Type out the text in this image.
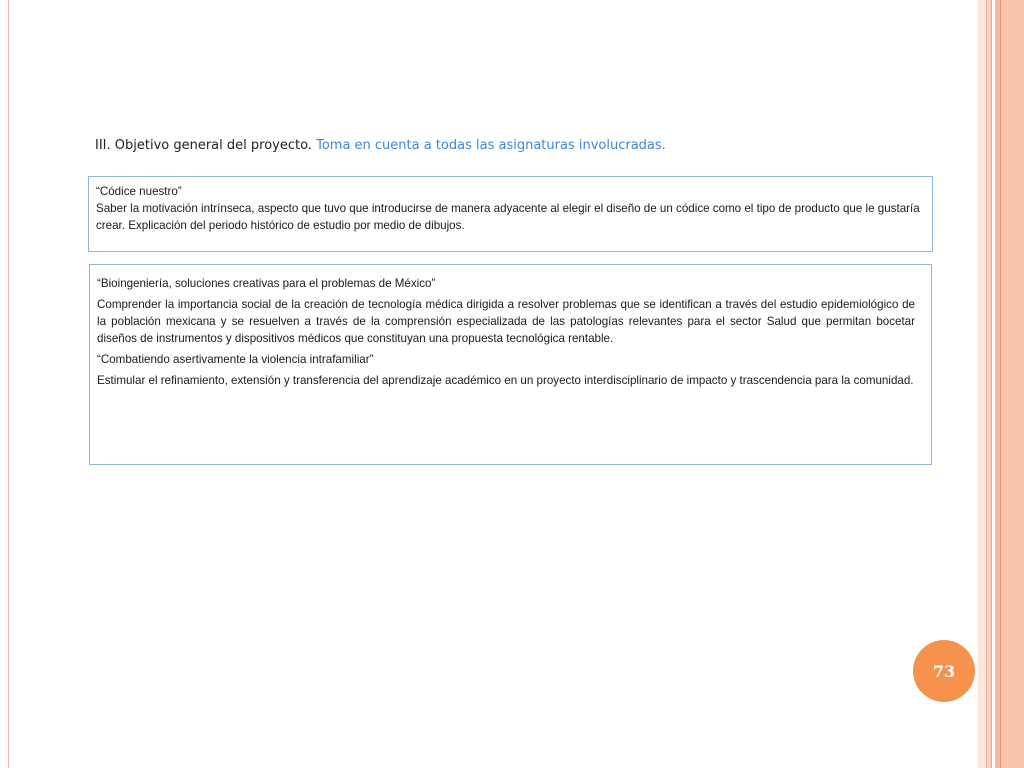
III. Objetivo general del proyecto. Toma en cuenta a todas las asignaturas involucradas.

“Códice nuestro”

Saber la motivación intrínseca, aspecto que tuvo que introducirse de manera adyacente al elegir el diseño de un códice como el tipo de producto que le gustaría crear. Explicación del periodo histórico de estudio por medio de dibujos.

“Bioingeniería, soluciones creativas para el problemas de México”

Comprender la importancia social de la creación de tecnología médica dirigida a resolver problemas que se identifican a través del estudio epidemiológico de la población mexicana y se resuelven a través de la comprensión especializada de las patologías relevantes para el sector Salud que permitan bocetar diseños de instrumentos y dispositivos médicos que constituyan una propuesta tecnológica rentable.

“Combatiendo asertivamente la violencia intrafamiliar”

Estimular el refinamiento, extensión y transferencia del aprendizaje académico en un proyecto interdisciplinario de impacto y trascendencia para la comunidad.

73
